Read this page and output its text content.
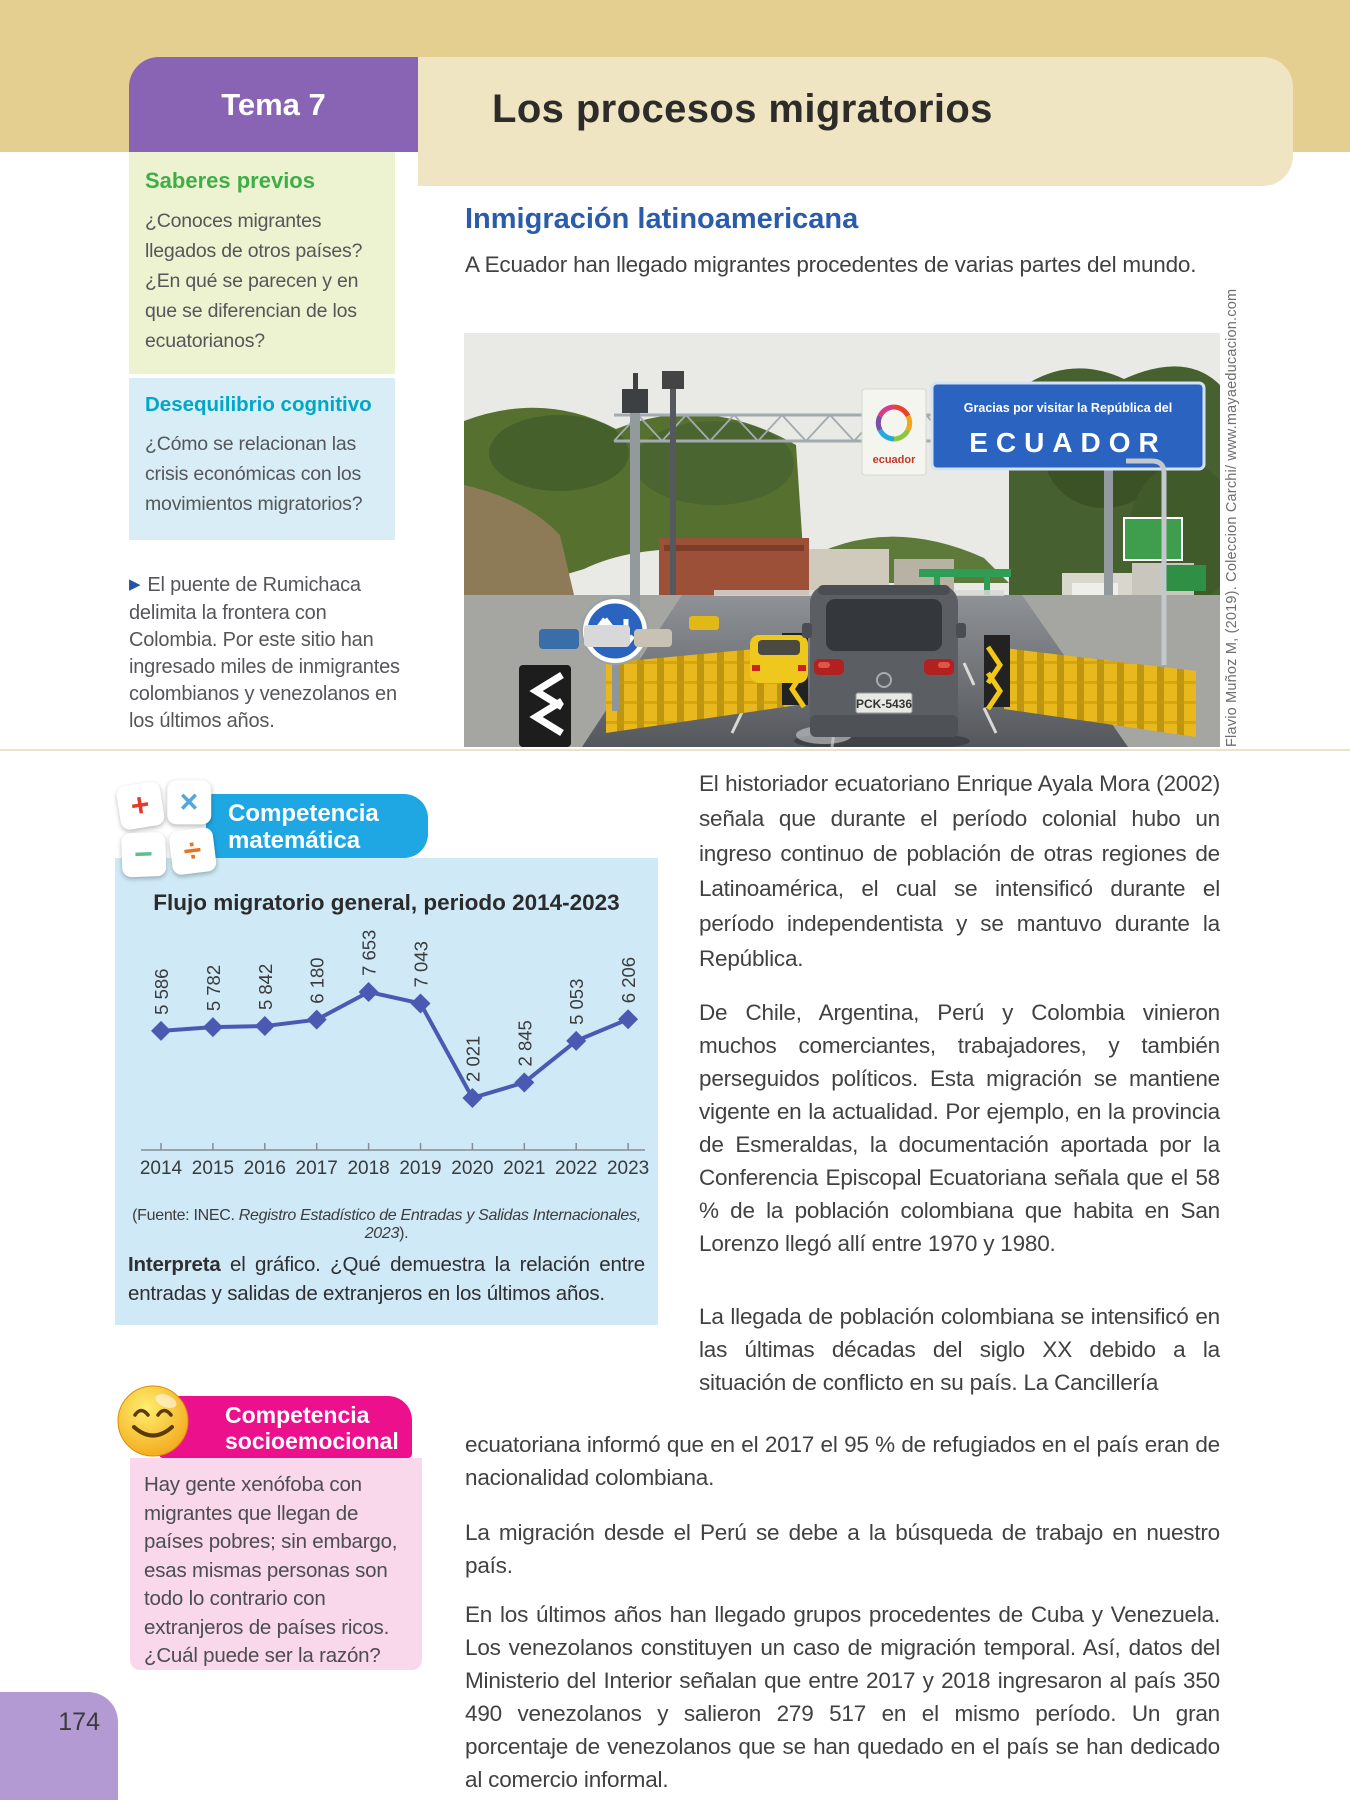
Los procesos migratorios
Tema 7
Saberes previos
¿Conoces migrantes llegados de otros países? ¿En qué se parecen y en que se diferencian de los ecuatorianos?
Desequilibrio cognitivo
¿Cómo se relacionan las crisis económicas con los movimientos migratorios?
▶ El puente de Rumichaca delimita la frontera con Colombia. Por este sitio han ingresado miles de inmigrantes colombianos y venezolanos en los últimos años.
Inmigración latinoamericana
A Ecuador han llegado migrantes procedentes de varias partes del mundo.
ecuador
Gracias por visitar la República del
ECUADOR
PCK-5436	Flavio Muñoz M, (2019). Coleccion Carchi/ www.mayaeducacion.com
+ ×
− ÷
Competencia
matemática
Flujo migratorio general, periodo 2014-2023
2014 2015 2016 2017 2018 2019 2020 2021 2022 2023
5 586 5 782 5 842 6 180
7 653 7 043
2 021 2 845
5 053 6 206
(Fuente: INEC. Registro Estadístico de Entradas y Salidas Internacionales, 2023).
Interpreta el gráfico. ¿Qué demuestra la relación entre entradas y salidas de extranjeros en los últimos años.
El historiador ecuatoriano Enrique Ayala Mora (2002) señala que durante el período colonial hubo un ingreso continuo de población de otras regiones de Latinoamérica, el cual se intensificó durante el período independentista y se mantuvo durante la República.
De Chile, Argentina, Perú y Colombia vinieron muchos comerciantes, trabajadores, y también perseguidos políticos. Esta migración se mantiene vigente en la actualidad. Por ejemplo, en la provincia de Esmeraldas, la documentación aportada por la Conferencia Episcopal Ecuatoriana señala que el 58 % de la población colombiana que habita en San Lorenzo llegó allí entre 1970 y 1980.
La llegada de población colombiana se intensificó en las últimas décadas del siglo XX debido a la situación de conflicto en su país. La Cancillería
ecuatoriana informó que en el 2017 el 95 % de refugiados en el país eran de nacionalidad colombiana.
La migración desde el Perú se debe a la búsqueda de trabajo en nuestro país.
En los últimos años han llegado grupos procedentes de Cuba y Venezuela. Los venezolanos constituyen un caso de migración temporal. Así, datos del Ministerio del Interior señalan que entre 2017 y 2018 ingresaron al país 350 490 venezolanos y salieron 279 517 en el mismo período. Un gran porcentaje de venezolanos que se han quedado en el país se han dedicado al comercio informal.
Competencia
socioemocional
Hay gente xenófoba con migrantes que llegan de países pobres; sin embargo, esas mismas personas son todo lo contrario con extranjeros de países ricos. ¿Cuál puede ser la razón?
174
